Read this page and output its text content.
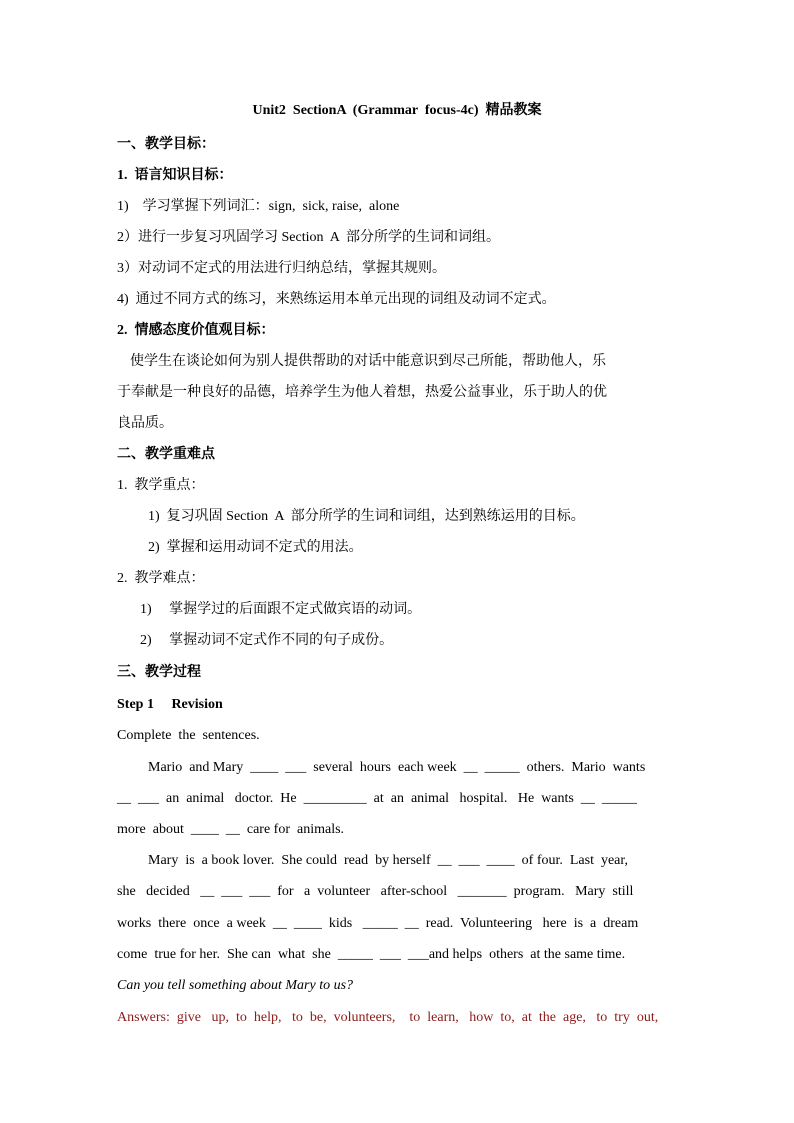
Unit2  SectionA  (Grammar  focus-4c)  精品教案
一、教学目标：
1.  语言知识目标：
1)    学习掌握下列词汇：sign,  sick, raise,  alone
2）进行一步复习巩固学习 Section  A  部分所学的生词和词组。
3）对动词不定式的用法进行归纳总结，掌握其规则。
4)  通过不同方式的练习，来熟练运用本单元出现的词组及动词不定式。
2.  情感态度价值观目标：
使学生在谈论如何为别人提供帮助的对话中能意识到尽己所能，帮助他人，乐
于奉献是一种良好的品德，培养学生为他人着想，热爱公益事业，乐于助人的优
良品质。
二、教学重难点
1.  教学重点：
1)  复习巩固 Section  A  部分所学的生词和词组，达到熟练运用的目标。
2)  掌握和运用动词不定式的用法。
2.  教学难点：
1)     掌握学过的后面跟不定式做宾语的动词。
2)     掌握动词不定式作不同的句子成份。
三、教学过程
Step 1     Revision
Complete  the  sentences.
Mario  and Mary  ____  ___  several  hours  each week  __  _____  others.  Mario  wants
__  ___  an  animal   doctor.  He  _________  at  an  animal   hospital.   He  wants  __  _____
more  about  ____  __  care for  animals.
Mary  is  a book lover.  She could  read  by herself  __  ___  ____  of four.  Last  year,
she   decided   __  ___  ___  for   a  volunteer   after-school   _______  program.   Mary  still
works  there  once  a week  __  ____  kids   _____  __  read.  Volunteering   here  is  a  dream
come  true for her.  She can  what  she  _____  ___  ___and helps  others  at the same time.
Can you tell something about Mary to us?
Answers:  give   up,  to  help,   to  be,  volunteers,    to  learn,   how  to,  at  the  age,   to  try  out,
